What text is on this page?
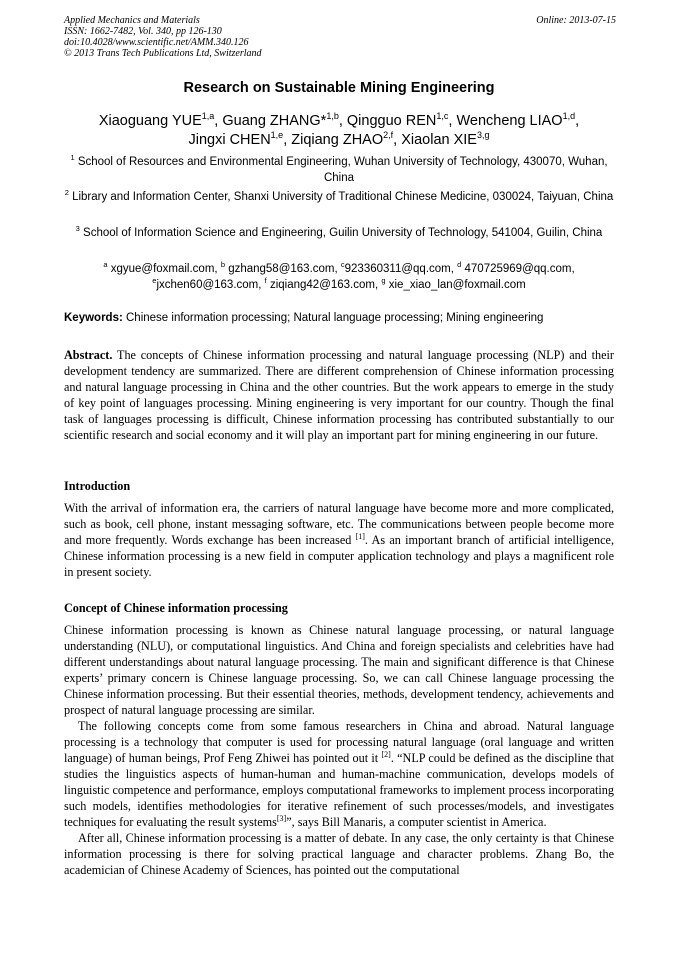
Applied Mechanics and Materials
ISSN: 1662-7482, Vol. 340, pp 126-130
doi:10.4028/www.scientific.net/AMM.340.126
© 2013 Trans Tech Publications Ltd, Switzerland
Online: 2013-07-15
Research on Sustainable Mining Engineering
Xiaoguang YUE$^{1,a}$, Guang ZHANG*$^{1,b}$, Qingguo REN$^{1,c}$, Wencheng LIAO$^{1,d}$,
Jingxi CHEN$^{1,e}$, Ziqiang ZHAO$^{2,f}$, Xiaolan XIE$^{3,g}$
$^1$ School of Resources and Environmental Engineering, Wuhan University of Technology, 430070, Wuhan, China
$^2$ Library and Information Center, Shanxi University of Traditional Chinese Medicine, 030024, Taiyuan, China
$^3$ School of Information Science and Engineering, Guilin University of Technology, 541004, Guilin, China
$^a$ xgyue@foxmail.com, $^b$ gzhang58@163.com, $^c$923360311@qq.com, $^d$ 470725969@qq.com,
$^e$jxchen60@163.com, $^f$ ziqiang42@163.com, $^g$ xie_xiao_lan@foxmail.com
Keywords: Chinese information processing; Natural language processing; Mining engineering
Abstract. The concepts of Chinese information processing and natural language processing (NLP) and their development tendency are summarized. There are different comprehension of Chinese information processing and natural language processing in China and the other countries. But the work appears to emerge in the study of key point of languages processing. Mining engineering is very important for our country. Though the final task of languages processing is difficult, Chinese information processing has contributed substantially to our scientific research and social economy and it will play an important part for mining engineering in our future.
Introduction
With the arrival of information era, the carriers of natural language have become more and more complicated, such as book, cell phone, instant messaging software, etc. The communications between people become more and more frequently. Words exchange has been increased [1]. As an important branch of artificial intelligence, Chinese information processing is a new field in computer application technology and plays a magnificent role in present society.
Concept of Chinese information processing
Chinese information processing is known as Chinese natural language processing, or natural language understanding (NLU), or computational linguistics. And China and foreign specialists and celebrities have had different understandings about natural language processing. The main and significant difference is that Chinese experts’ primary concern is Chinese language processing. So, we can call Chinese language processing the Chinese information processing. But their essential theories, methods, development tendency, achievements and prospect of natural language processing are similar.
The following concepts come from some famous researchers in China and abroad. Natural language processing is a technology that computer is used for processing natural language (oral language and written language) of human beings, Prof Feng Zhiwei has pointed out it [2]. “NLP could be defined as the discipline that studies the linguistics aspects of human-human and human-machine communication, develops models of linguistic competence and performance, employs computational frameworks to implement process incorporating such models, identifies methodologies for iterative refinement of such processes/models, and investigates techniques for evaluating the result systems[3]”, says Bill Manaris, a computer scientist in America.
After all, Chinese information processing is a matter of debate. In any case, the only certainty is that Chinese information processing is there for solving practical language and character problems. Zhang Bo, the academician of Chinese Academy of Sciences, has pointed out the computational
